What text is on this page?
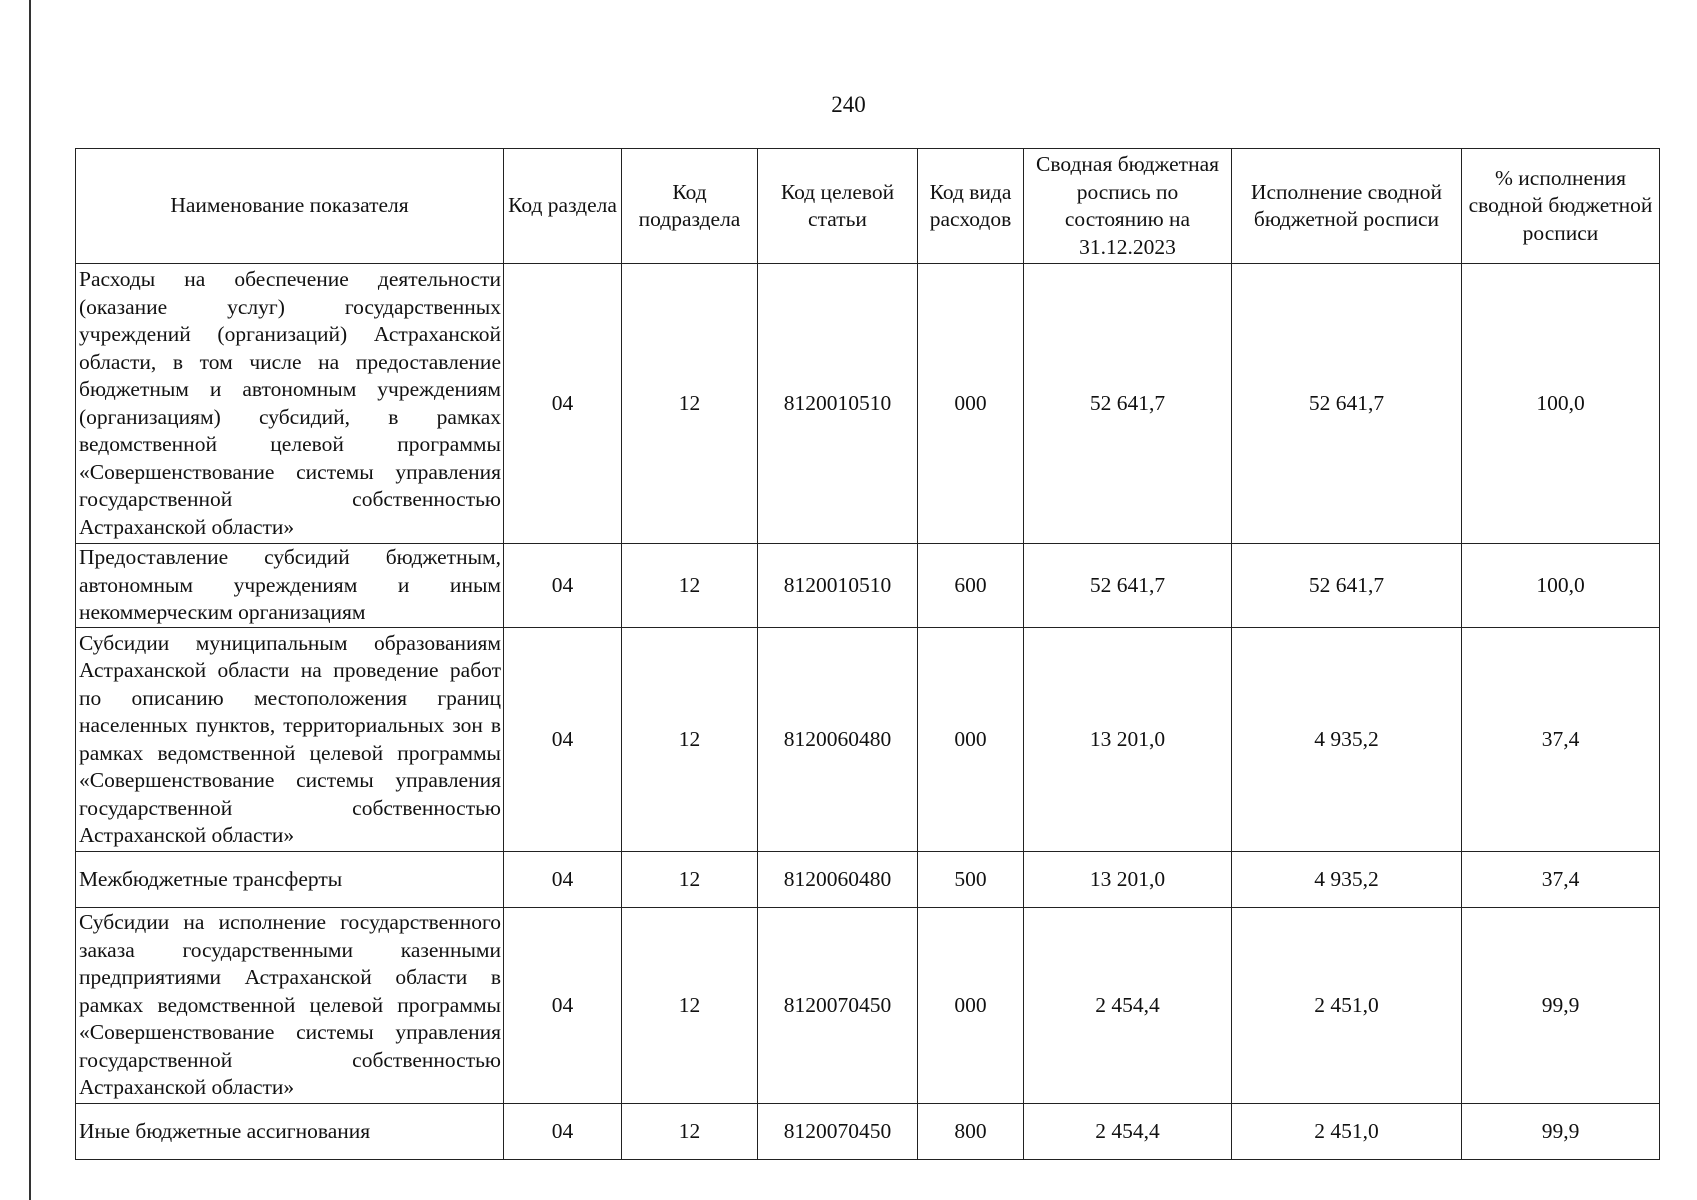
240
Наименование показателя	Код раздела	Код подраздела	Код целевой статьи	Код вида расходов	Сводная бюджетная роспись по состоянию на 31.12.2023	Исполнение сводной бюджетной росписи	% исполнения сводной бюджетной росписи
Расходы на обеспечение деятельности (оказание услуг) государственных учреждений (организаций) Астраханской области, в том числе на предоставление бюджетным и автономным учреждениям (организациям) субсидий, в рамках ведомственной целевой программы «Совершенствование системы управления государственной собственностью Астраханской области»	04	12	8120010510	000	52 641,7	52 641,7	100,0
Предоставление субсидий бюджетным, автономным учреждениям и иным некоммерческим организациям	04	12	8120010510	600	52 641,7	52 641,7	100,0
Субсидии муниципальным образованиям Астраханской области на проведение работ по описанию местоположения границ населенных пунктов, территориальных зон в рамках ведомственной целевой программы «Совершенствование системы управления государственной собственностью Астраханской области»	04	12	8120060480	000	13 201,0	4 935,2	37,4
Межбюджетные трансферты	04	12	8120060480	500	13 201,0	4 935,2	37,4
Субсидии на исполнение государственного заказа государственными казенными предприятиями Астраханской области в рамках ведомственной целевой программы «Совершенствование системы управления государственной собственностью Астраханской области»	04	12	8120070450	000	2 454,4	2 451,0	99,9
Иные бюджетные ассигнования	04	12	8120070450	800	2 454,4	2 451,0	99,9
